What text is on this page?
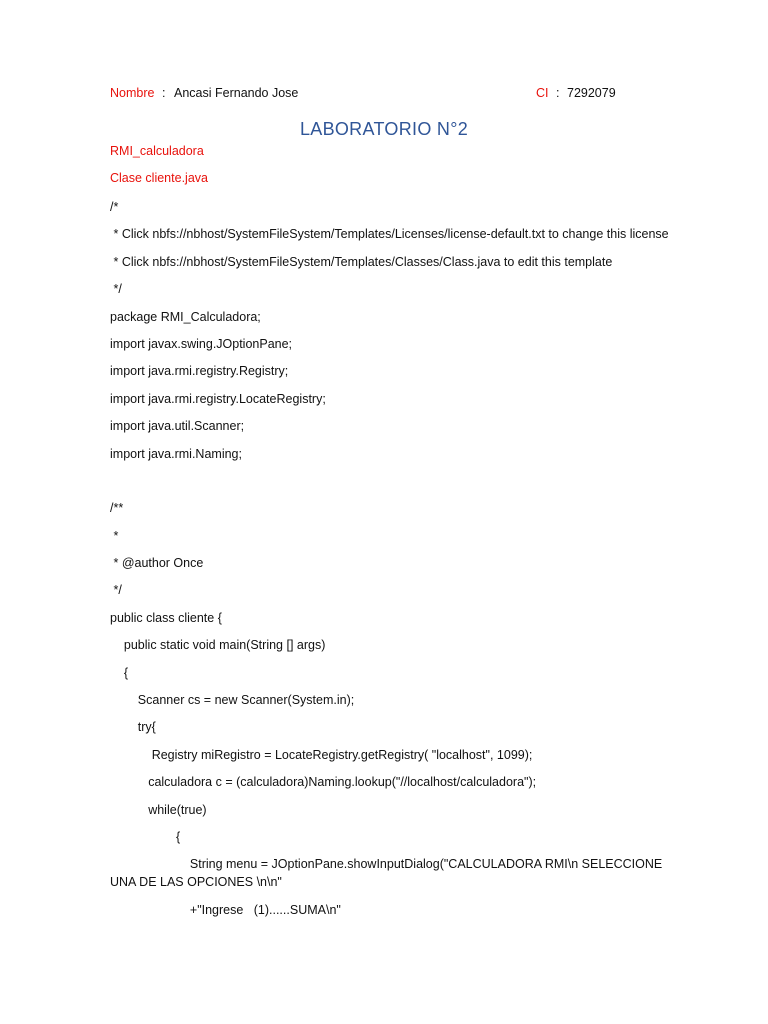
Nombre : Ancasi Fernando Jose	CI : 7292079
LABORATORIO N°2
RMI_calculadora
Clase cliente.java
/*
* Click nbfs://nbhost/SystemFileSystem/Templates/Licenses/license-default.txt to change this license
* Click nbfs://nbhost/SystemFileSystem/Templates/Classes/Class.java to edit this template
*/
package RMI_Calculadora;
import javax.swing.JOptionPane;
import java.rmi.registry.Registry;
import java.rmi.registry.LocateRegistry;
import java.util.Scanner;
import java.rmi.Naming;
/**
*
* @author Once
*/
public class cliente {
public static void main(String [] args)
{
Scanner cs = new Scanner(System.in);
try{
Registry miRegistro = LocateRegistry.getRegistry( "localhost", 1099);
calculadora c = (calculadora)Naming.lookup("//localhost/calculadora");
while(true)
{
String menu = JOptionPane.showInputDialog("CALCULADORA RMI\n SELECCIONE UNA DE LAS OPCIONES \n\n"
+"Ingrese   (1)......SUMA\n"
